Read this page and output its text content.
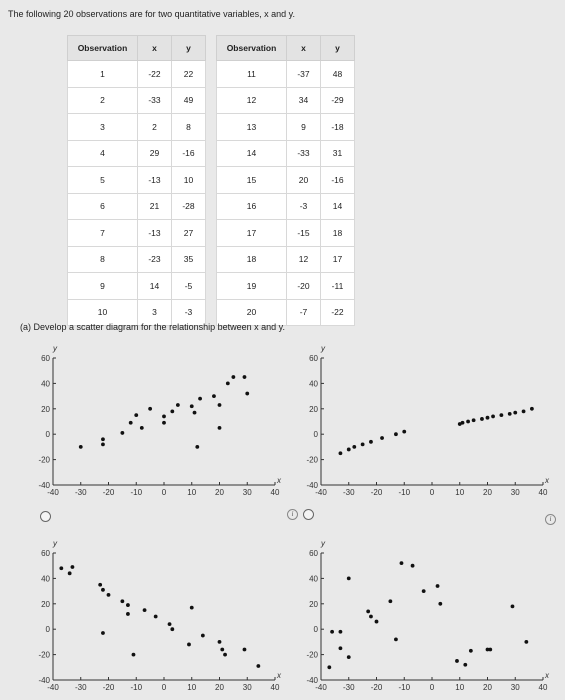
The following 20 observations are for two quantitative variables, x and y.
Observation	x	y
1	-22	22
2	-33	49
3	2	8
4	29	-16
5	-13	10
6	21	-28
7	-13	27
8	-23	35
9	14	-5
10	3	-3
Observation	x	y
11	-37	48
12	34	-29
13	9	-18
14	-33	31
15	20	-16
16	-3	14
17	-15	18
18	12	17
19	-20	-11
20	-7	-22
(a) Develop a scatter diagram for the relationship between x and y.
-40
-20
0
20
40
60
-40 -30 -20 -10 0	10 20 30 40
y
x
-40
-20
0
20
40
60
-40 -30 -20 -10 0	10 20 30 40
y
x
-40
-20
0
20
40
60
-40 -30 -20 -10 0	10 20 30 40
y
x
-40
-20
0
20
40
60
-40 -30 -20 -10 0	10 20 30 40
y
x
i
i
